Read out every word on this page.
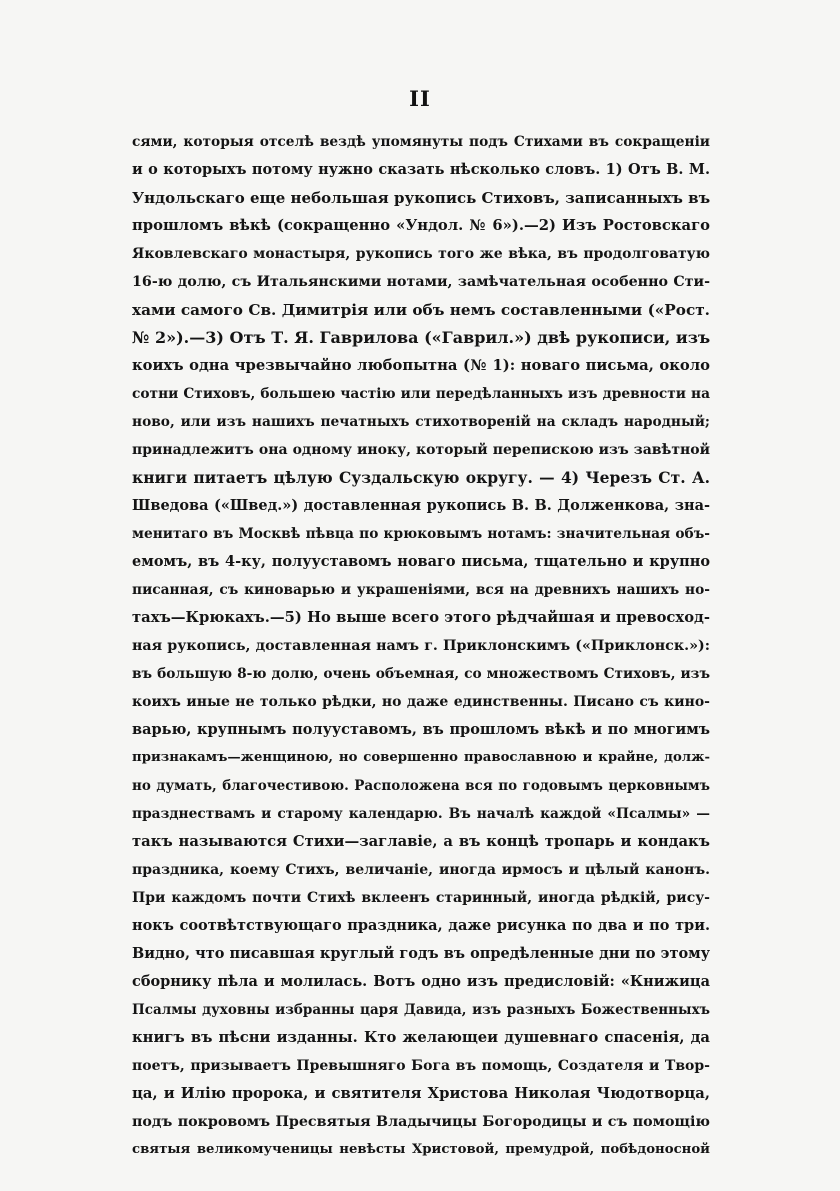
II
сями, которыя отселѣ вездѣ упомянуты подъ Стихами въ сокращеніи
и о которыхъ потому нужно сказать нѣсколько словъ. 1) Отъ В. М.
Ундольскаго еще небольшая рукопись Стиховъ, записанныхъ въ
прошломъ вѣкѣ (сокращенно «Ундол. № 6»).—2) Изъ Ростовскаго
Яковлевскаго монастыря, рукопись того же вѣка, въ продолговатую
16-ю долю, съ Итальянскими нотами, замѣчательная особенно Сти-
хами самого Св. Димитрія или объ немъ составленными («Рост.
№ 2»).—3) Отъ Т. Я. Гаврилова («Гаврил.») двѣ рукописи, изъ
коихъ одна чрезвычайно любопытна (№ 1): новаго письма, около
сотни Стиховъ, большею частію или передѣланныхъ изъ древности на
ново, или изъ нашихъ печатныхъ стихотвореній на складъ народный;
принадлежитъ она одному иноку, который перепискою изъ завѣтной
книги питаетъ цѣлую Суздальскую округу. — 4) Черезъ Ст. А.
Шведова («Швед.») доставленная рукопись В. В. Долженкова, зна-
менитаго въ Москвѣ пѣвца по крюковымъ нотамъ: значительная объ-
емомъ, въ 4-ку, полууставомъ новаго письма, тщательно и крупно
писанная, съ киноварью и украшеніями, вся на древнихъ нашихъ но-
тахъ—Крюкахъ.—5) Но выше всего этого рѣдчайшая и превосход-
ная рукопись, доставленная намъ г. Приклонскимъ («Приклонск.»):
въ большую 8-ю долю, очень объемная, со множествомъ Стиховъ, изъ
коихъ иные не только рѣдки, но даже единственны. Писано съ кино-
варью, крупнымъ полууставомъ, въ прошломъ вѣкѣ и по многимъ
признакамъ—женщиною, но совершенно православною и крайне, долж-
но думать, благочестивою. Расположена вся по годовымъ церковнымъ
празднествамъ и старому календарю. Въ началѣ каждой «Псалмы» —
такъ называются Стихи—заглавіе, а въ концѣ тропарь и кондакъ
праздника, коему Стихъ, величаніе, иногда ирмосъ и цѣлый канонъ.
При каждомъ почти Стихѣ вклеенъ старинный, иногда рѣдкій, рису-
нокъ соотвѣтствующаго праздника, даже рисунка по два и по три.
Видно, что писавшая круглый годъ въ опредѣленные дни по этому
сборнику пѣла и молилась. Вотъ одно изъ предисловій: «Книжица
Псалмы духовны избранны царя Давида, изъ разныхъ Божественныхъ
книгъ въ пѣсни изданны. Кто желающеи душевнаго спасенія, да
поетъ, призываетъ Превышняго Бога въ помощь, Создателя и Твор-
ца, и Илію пророка, и святителя Христова Николая Чюдотворца,
подъ покровомъ Пресвятыя Владычицы Богородицы и съ помощію
святыя великомученицы невѣсты Христовой, премудрой, побѣдоносной
